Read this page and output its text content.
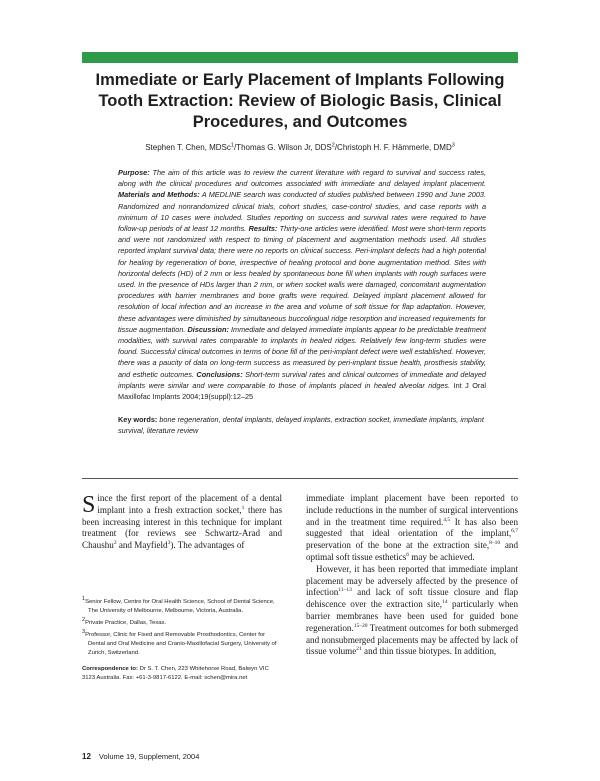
Immediate or Early Placement of Implants Following Tooth Extraction: Review of Biologic Basis, Clinical Procedures, and Outcomes
Stephen T. Chen, MDSc$^1$/Thomas G. Wilson Jr, DDS$^2$/Christoph H. F. Hämmerle, DMD$^3$
Purpose: The aim of this article was to review the current literature with regard to survival and success rates, along with the clinical procedures and outcomes associated with immediate and delayed implant placement. Materials and Methods: A MEDLINE search was conducted of studies published between 1990 and June 2003. Randomized and nonrandomized clinical trials, cohort studies, case-control studies, and case reports with a minimum of 10 cases were included. Studies reporting on success and survival rates were required to have follow-up periods of at least 12 months. Results: Thirty-one articles were identified. Most were short-term reports and were not randomized with respect to timing of placement and augmentation methods used. All studies reported implant survival data; there were no reports on clinical success. Peri-implant defects had a high potential for healing by regeneration of bone, irrespective of healing protocol and bone augmentation method. Sites with horizontal defects (HD) of 2 mm or less healed by spontaneous bone fill when implants with rough surfaces were used. In the presence of HDs larger than 2 mm, or when socket walls were damaged, concomitant augmentation procedures with barrier membranes and bone grafts were required. Delayed implant placement allowed for resolution of local infection and an increase in the area and volume of soft tissue for flap adaptation. However, these advantages were diminished by simultaneous buccolingual ridge resorption and increased requirements for tissue augmentation. Discussion: Immediate and delayed immediate implants appear to be predictable treatment modalities, with survival rates comparable to implants in healed ridges. Relatively few long-term studies were found. Successful clinical outcomes in terms of bone fill of the peri-implant defect were well established. However, there was a paucity of data on long-term success as measured by peri-implant tissue health, prosthesis stability, and esthetic outcomes. Conclusions: Short-term survival rates and clinical outcomes of immediate and delayed implants were similar and were comparable to those of implants placed in healed alveolar ridges. Int J Oral Maxillofac Implants 2004;19(suppl):12–25
Key words: bone regeneration, dental implants, delayed implants, extraction socket, immediate implants, implant survival, literature review
Since the first report of the placement of a dental implant into a fresh extraction socket,$^1$ there has been increasing interest in this technique for implant treatment (for reviews see Schwartz-Arad and Chaushu$^2$ and Mayfield$^3$). The advantages of

immediate implant placement have been reported to include reductions in the number of surgical interventions and in the treatment time required.$^{4,5}$ It has also been suggested that ideal orientation of the implant,$^{6,7}$ preservation of the bone at the extraction site,$^{8-10}$ and optimal soft tissue esthetics$^6$ may be achieved.

However, it has been reported that immediate implant placement may be adversely affected by the presence of infection$^{11-13}$ and lack of soft tissue closure and flap dehiscence over the extraction site,$^{14}$ particularly when barrier membranes have been used for guided bone regeneration.$^{15-20}$ Treatment outcomes for both submerged and nonsubmerged placements may be affected by lack of tissue volume$^{21}$ and thin tissue biotypes. In addition,

$^1$Senior Fellow, Centre for Oral Health Science, School of Dental Science, The University of Melbourne, Melbourne, Victoria, Australia.
$^2$Private Practice, Dallas, Texas.
$^3$Professor, Clinic for Fixed and Removable Prosthodontics, Center for Dental and Oral Medicine and Cranio-Maxillofacial Surgery, University of Zurich, Switzerland.
Correspondence to: Dr S. T. Chen, 223 Whitehorse Road, Balwyn VIC 3123 Australia. Fax: +61-3-9817-6122. E-mail: schen@mira.net
12 Volume 19, Supplement, 2004
